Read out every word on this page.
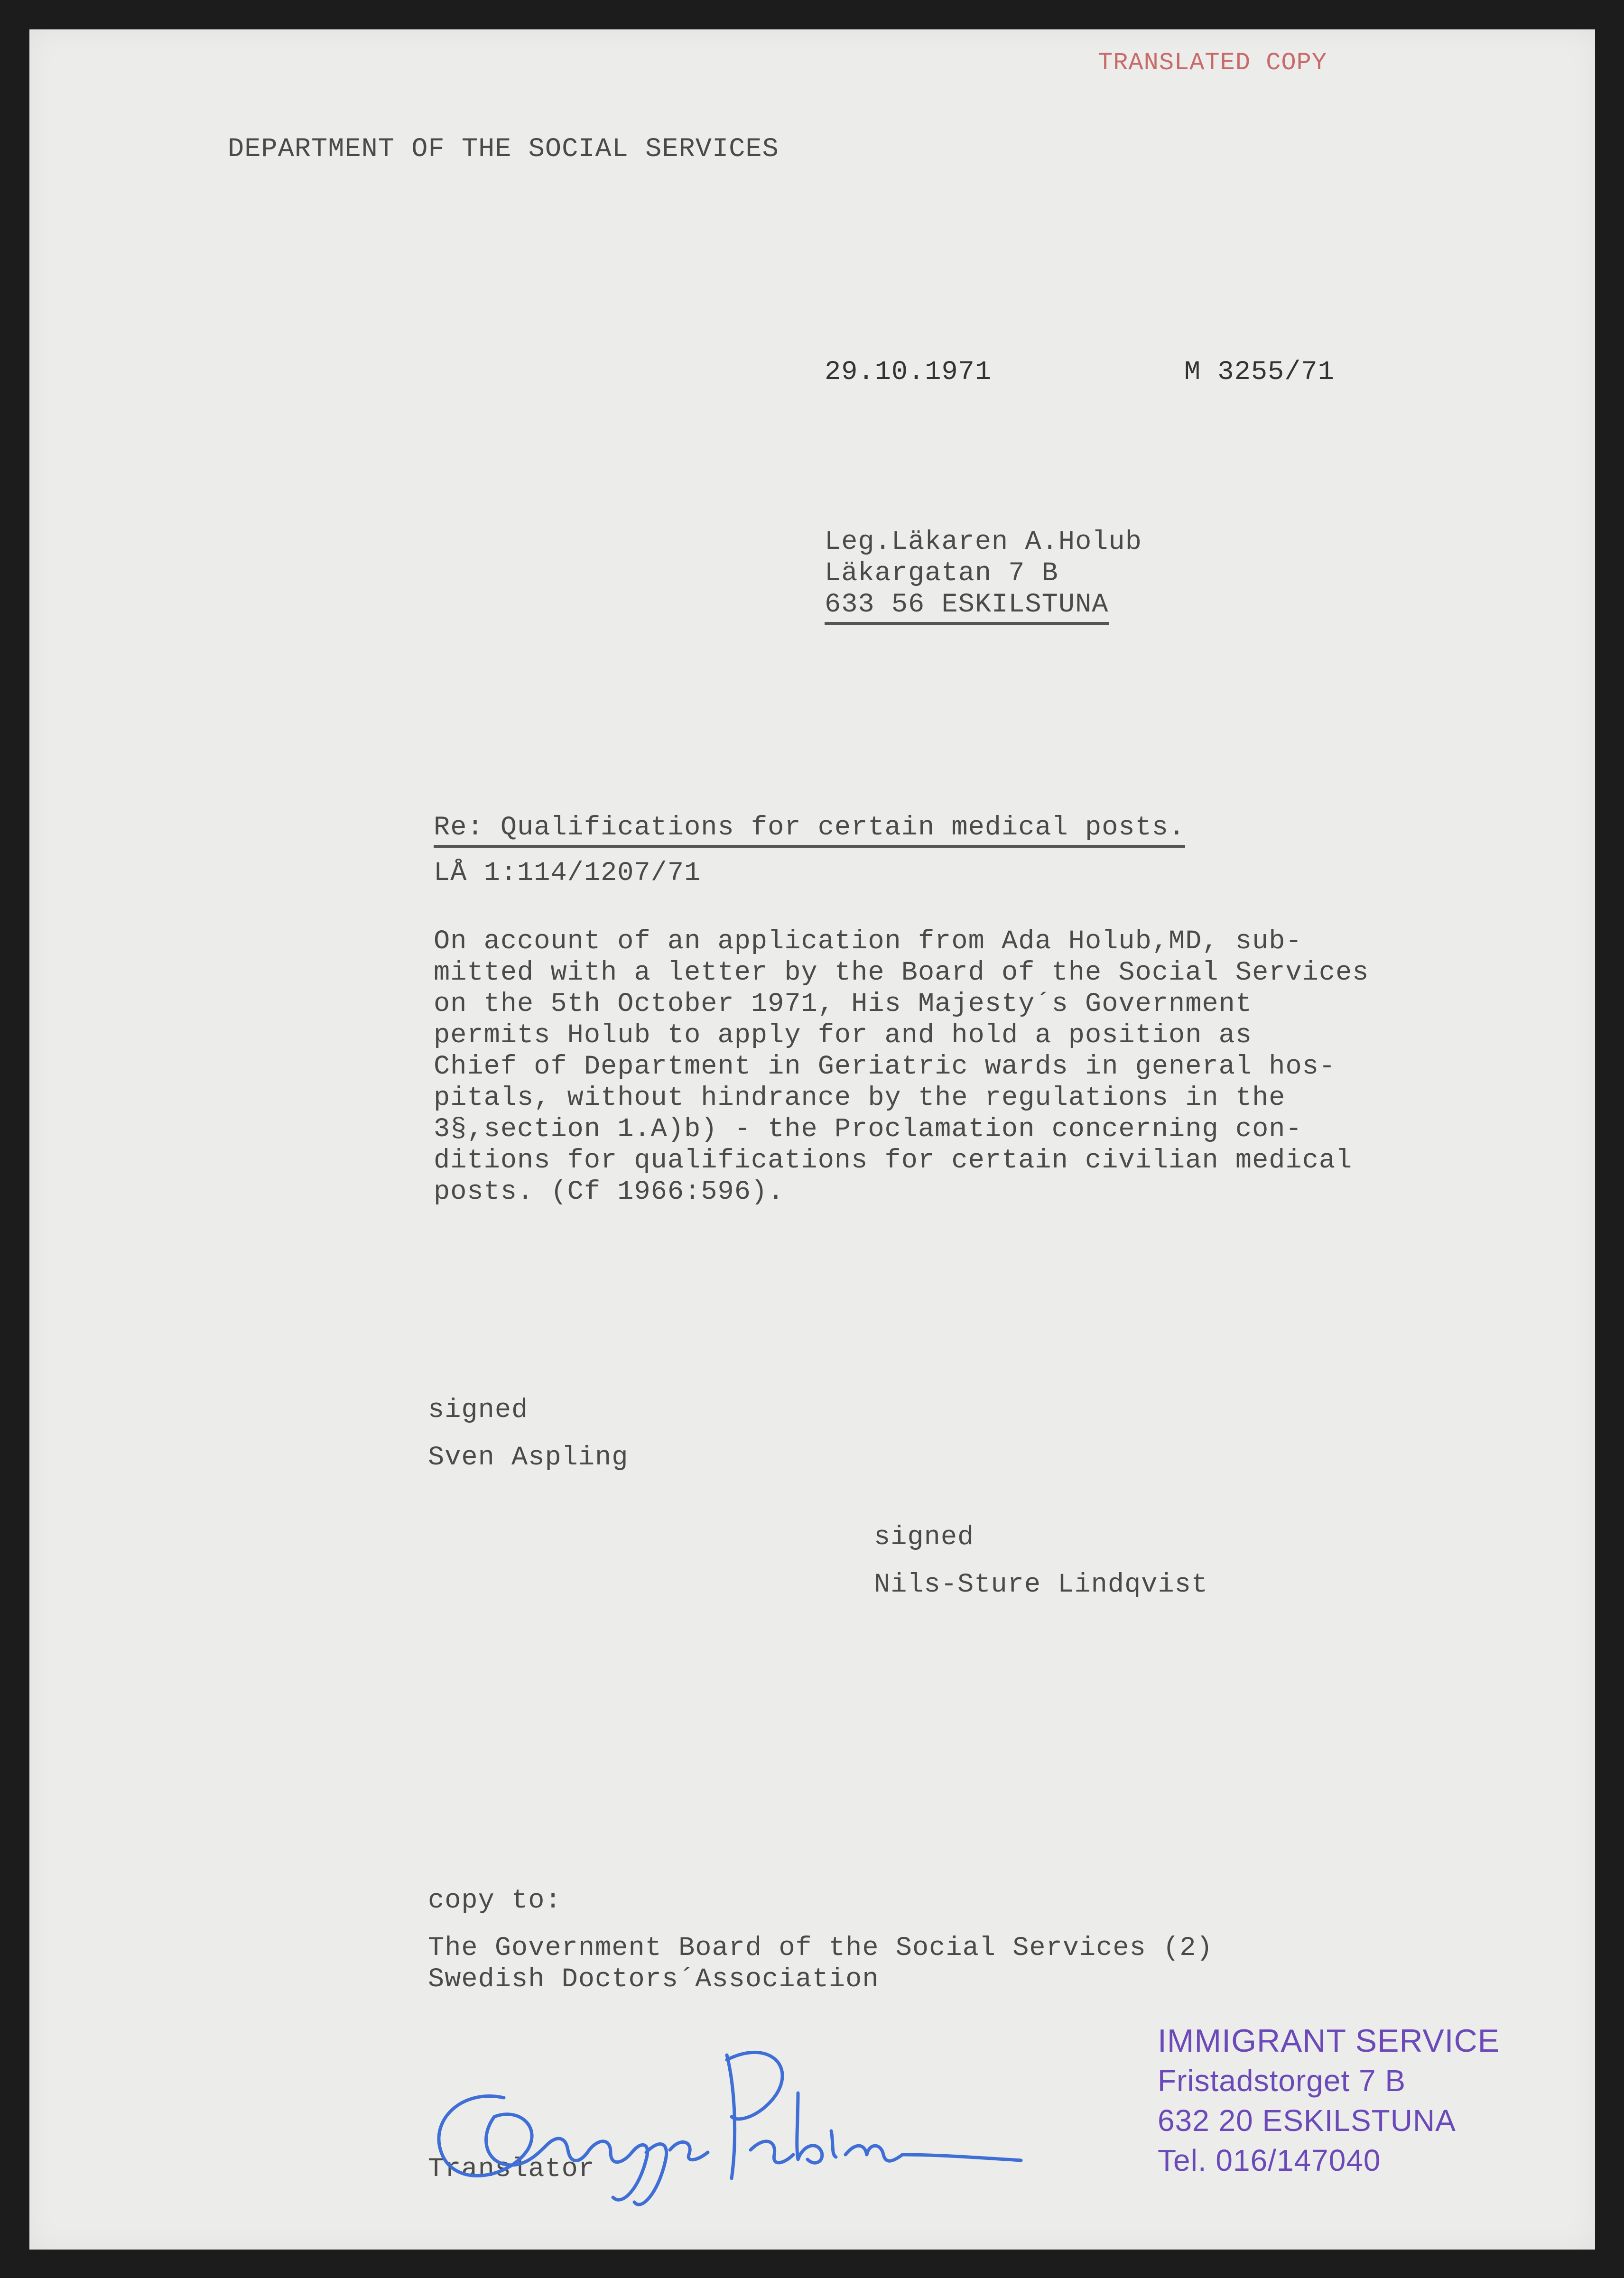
TRANSLATED COPY

DEPARTMENT OF THE SOCIAL SERVICES

29.10.1971	M 3255/71

Leg.Läkaren A.Holub

Läkargatan 7 B

633 56 ESKILSTUNA

Re: Qualifications for certain medical posts.

LÅ 1:114/1207/71

On account of an application from Ada Holub,MD, sub-

mitted with a letter by the Board of the Social Services

on the 5th October 1971, His Majesty´s Government

permits Holub to apply for and hold a position as

Chief of Department in Geriatric wards in general hos-

pitals, without hindrance by the regulations in the

3§,section 1.A)b) - the Proclamation concerning con-

ditions for qualifications for certain civilian medical

posts. (Cf 1966:596).

signed

Sven Aspling

signed

Nils-Sture Lindqvist

copy to:

The Government Board of the Social Services (2)

Swedish Doctors´Association

Translator

IMMIGRANT SERVICE
Fristadstorget 7 B
632 20 ESKILSTUNA
Tel. 016/147040
